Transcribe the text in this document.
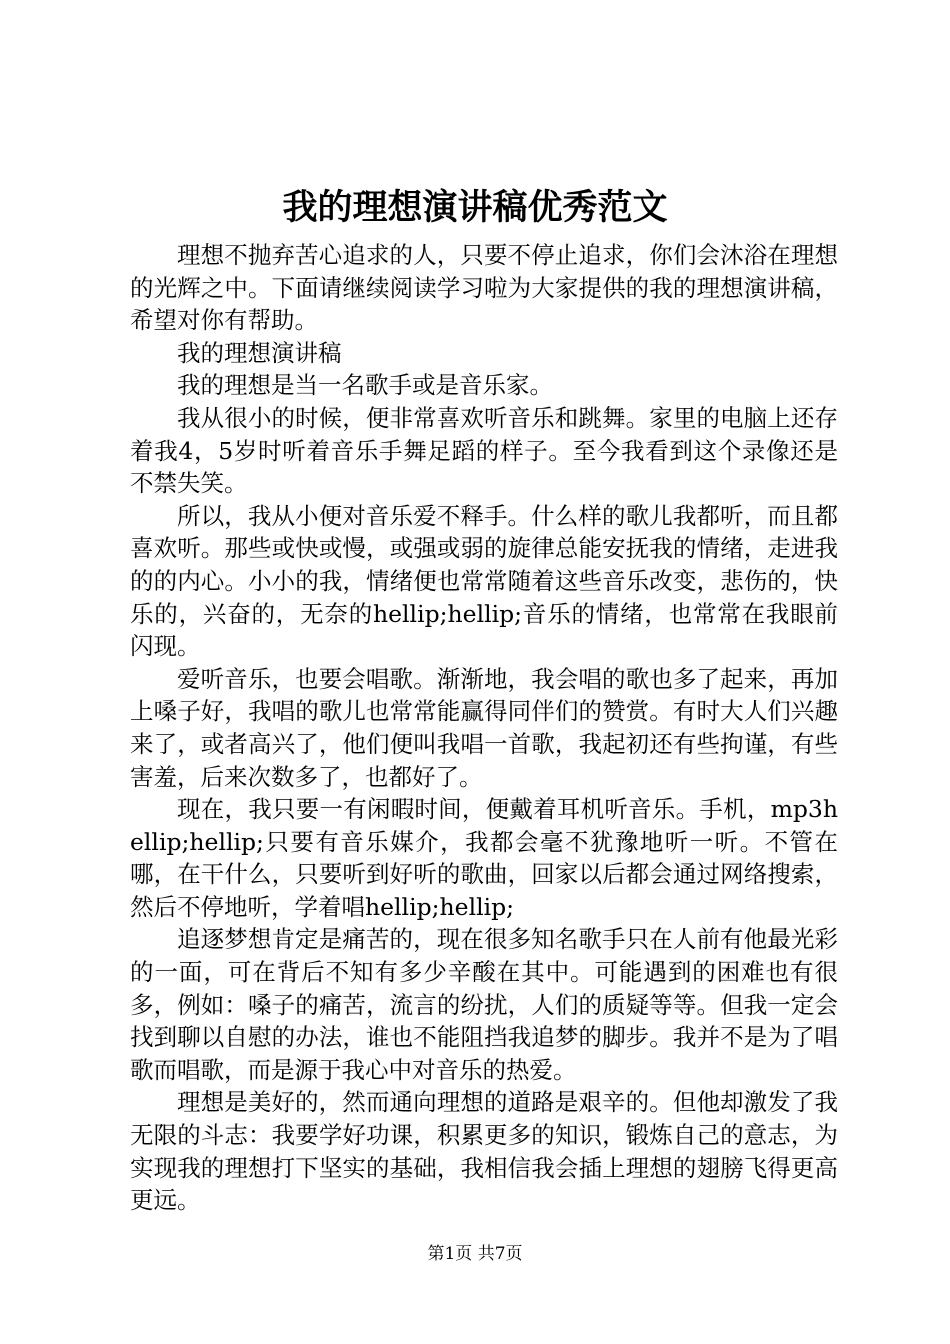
我的理想演讲稿优秀范文

理想不抛弃苦心追求的人，只要不停止追求，你们会沐浴在理想的光辉之中。下面请继续阅读学习啦为大家提供的我的理想演讲稿，希望对你有帮助。

我的理想演讲稿

我的理想是当一名歌手或是音乐家。

我从很小的时候，便非常喜欢听音乐和跳舞。家里的电脑上还存着我4，5岁时听着音乐手舞足蹈的样子。至今我看到这个录像还是不禁失笑。

所以，我从小便对音乐爱不释手。什么样的歌儿我都听，而且都喜欢听。那些或快或慢，或强或弱的旋律总能安抚我的情绪，走进我的的内心。小小的我，情绪便也常常随着这些音乐改变，悲伤的，快乐的，兴奋的，无奈的hellip;hellip;音乐的情绪，也常常在我眼前闪现。

爱听音乐，也要会唱歌。渐渐地，我会唱的歌也多了起来，再加上嗓子好，我唱的歌儿也常常能赢得同伴们的赞赏。有时大人们兴趣来了，或者高兴了，他们便叫我唱一首歌，我起初还有些拘谨，有些害羞，后来次数多了，也都好了。

现在，我只要一有闲暇时间，便戴着耳机听音乐。手机，mp3hellip;hellip;只要有音乐媒介，我都会毫不犹豫地听一听。不管在哪，在干什么，只要听到好听的歌曲，回家以后都会通过网络搜索，然后不停地听，学着唱hellip;hellip;

追逐梦想肯定是痛苦的，现在很多知名歌手只在人前有他最光彩的一面，可在背后不知有多少辛酸在其中。可能遇到的困难也有很多，例如：嗓子的痛苦，流言的纷扰，人们的质疑等等。但我一定会找到聊以自慰的办法，谁也不能阻挡我追梦的脚步。我并不是为了唱歌而唱歌，而是源于我心中对音乐的热爱。

理想是美好的，然而通向理想的道路是艰辛的。但他却激发了我无限的斗志：我要学好功课，积累更多的知识，锻炼自己的意志，为实现我的理想打下坚实的基础，我相信我会插上理想的翅膀飞得更高更远。

第1页 共7页
